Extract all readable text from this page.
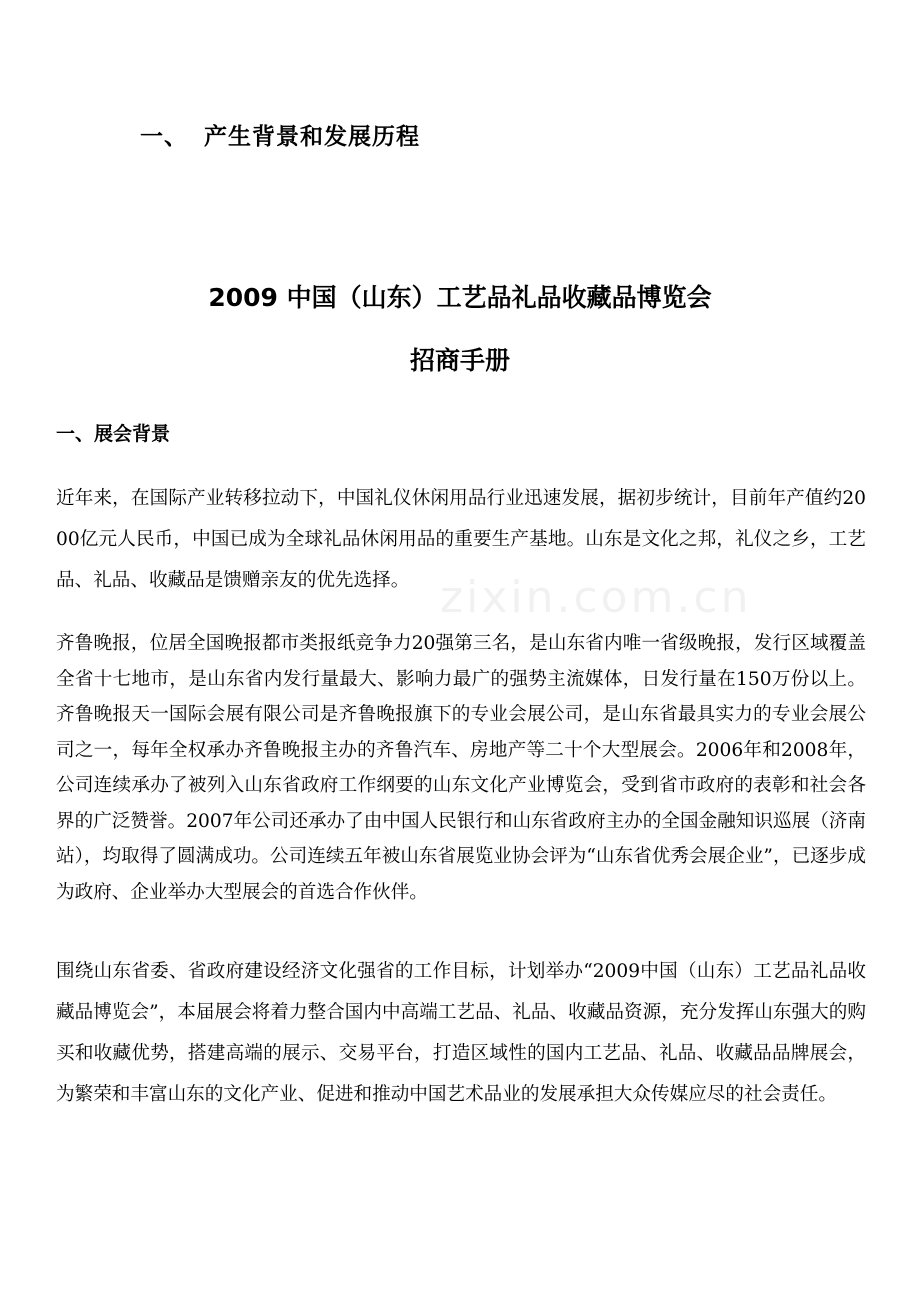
一、 产生背景和发展历程
2009 中国（山东）工艺品礼品收藏品博览会
招商手册
一、展会背景
zixin.com.cn

近年来，在国际产业转移拉动下，中国礼仪休闲用品行业迅速发展，据初步统计，目前年产值约2000亿元人民币，中国已成为全球礼品休闲用品的重要生产基地。山东是文化之邦，礼仪之乡，工艺品、礼品、收藏品是馈赠亲友的优先选择。

齐鲁晚报，位居全国晚报都市类报纸竞争力20强第三名，是山东省内唯一省级晚报，发行区域覆盖全省十七地市，是山东省内发行量最大、影响力最广的强势主流媒体，日发行量在150万份以上。齐鲁晚报天一国际会展有限公司是齐鲁晚报旗下的专业会展公司，是山东省最具实力的专业会展公司之一，每年全权承办齐鲁晚报主办的齐鲁汽车、房地产等二十个大型展会。2006年和2008年，公司连续承办了被列入山东省政府工作纲要的山东文化产业博览会，受到省市政府的表彰和社会各界的广泛赞誉。2007年公司还承办了由中国人民银行和山东省政府主办的全国金融知识巡展（济南站），均取得了圆满成功。公司连续五年被山东省展览业协会评为“山东省优秀会展企业”，已逐步成为政府、企业举办大型展会的首选合作伙伴。

围绕山东省委、省政府建设经济文化强省的工作目标，计划举办“2009中国（山东）工艺品礼品收藏品博览会”，本届展会将着力整合国内中高端工艺品、礼品、收藏品资源，充分发挥山东强大的购买和收藏优势，搭建高端的展示、交易平台，打造区域性的国内工艺品、礼品、收藏品品牌展会，为繁荣和丰富山东的文化产业、促进和推动中国艺术品业的发展承担大众传媒应尽的社会责任。
